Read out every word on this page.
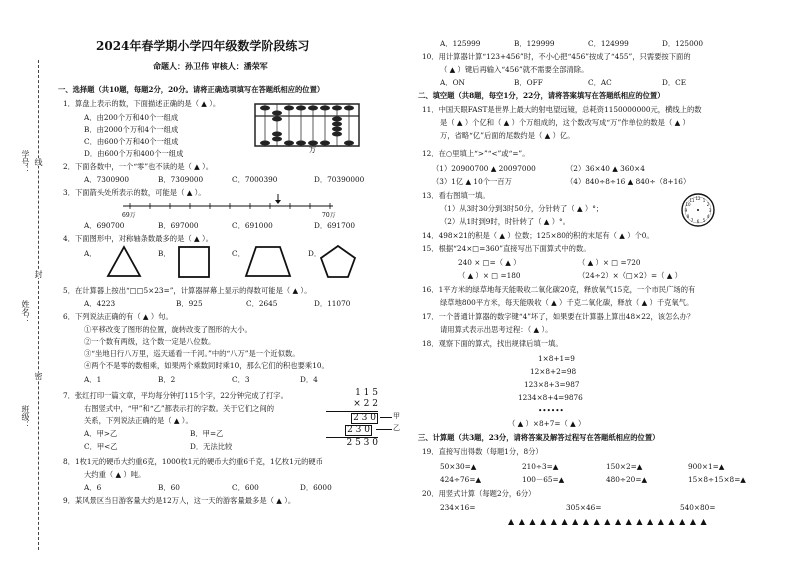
学号：
姓名：
班级：
密
封
线
2024年春学期小学四年级数学阶段练习
命题人：孙卫伟 审核人：潘荣军
一、选择题（共10题，每题2分，20分。请将正确选项填写在答题纸相应的位置）
1．算盘上表示的数，下面描述正确的是（ ▲ ）。
A．由200个万和40个一组成
B．由2000个万和4个一组成
C．由600个万和40个一组成
D．由600个万和400个一组成	万
2．下面各数中，一个“零”也不读的是（ ▲ ）。
A．7300900	B．7309000	C．7000390	D．70390000
3．下面箭头处所表示的数，可能是（ ▲ ）。
69万	70万
A．690700	B．697000	C．691000	D．691700
4．下面图形中，对称轴条数最多的是（ ▲ ）。
A．	B．	C．	D．
5．在计算器上按出“□□5×23=”，计算器屏幕上显示的得数可能是（ ▲ ）。
A．4223	B．925	C．2645	D．11070
6．下列说法正确的有（ ▲ ）句。
①平移改变了图形的位置，旋转改变了图形的大小。
②一个数有两级，这个数一定是八位数。
③“坐地日行八万里，巡天遥看一千河。”中的“八万”是一个近似数。
④两个不是零的数相乘，如果两个乘数同时乘10，那么它们的积也要乘10。
A．1	B．2	C．3	D．4
7．张红打印一篇文章，平均每分钟打115个字，22分钟完成了打字。
右图竖式中，“甲”和“乙”都表示打的字数。关于它们之间的
关系，下列说法正确的是（ ▲ ）。
A．甲>乙	B．甲=乙
C．甲<乙	D．无法比较
1 1 5
× 2 2
2 3 0
2 3 0
2 5 3 0
甲
乙
8．1枚1元的硬币大约重6克，1000枚1元的硬币大约重6千克，1亿枚1元的硬币
大约重（ ▲ ）吨。
A．6	B．60	C．600	D．6000
9．某风景区当日游客量大约是12万人，这一天的游客量最多是（ ▲ ）。
A．125999	B．129999	C．124999	D．125000
10．用计算器计算“123+456”时，不小心把“456”按成了“455”，只需要按下面的
（ ▲ ）键后再输入“456”就不需要全部清除。
A．ON	B．OFF	C．AC	D．CE
二、填空题（共8题，每空1分，22分，请将答案填写在答题纸相应的位置）
11．中国天眼FAST是世界上最大的射电望远镜，总耗资1150000000元，横线上的数
是（ ▲ ）个亿和（ ▲ ）个万组成的，这个数改写成“万”作单位的数是（ ▲ ）
万，省略“亿”后面的尾数约是（ ▲ ）亿。
12．在○里填上“>”“<”或“=”。
（1）20900700 ▲ 20097000	（2）36×40 ▲ 360×4
（3）1亿 ▲ 10个一百万	（4）840÷8÷16 ▲ 840÷（8+16）
13．看右图填一填。
（1）从3时30分到3时50分，分针转了（ ▲ ）°；
（2）从1时到9时，时针转了（ ▲ ）°。
12 1
2
3
4
5
6
7
8
9
10
11
14．498×21的积是（ ▲ ）位数；125×80的积的末尾有（ ▲ ）个0。
15．根据“24×□=360”直接写出下面算式中的数。
240 × □=（ ▲ ）	（ ▲ ）× □ =720
（ ▲ ）× □ =180	（24÷2）×（□×2）=（ ▲ ）
16．1平方米的绿草地每天能吸收二氧化碳20克，释放氧气15克，一个市民广场的有
绿草地800平方米，每天能吸收（ ▲ ）千克二氧化碳，释放（ ▲ ）千克氧气。
17．一个普通计算器的数字键“4”坏了，如果要在计算器上算出48×22，该怎么办？
请用算式表示出思考过程：（ ▲ ）。
18．观察下面的算式，找出规律后填一填。
1×8+1=9
12×8+2=98
123×8+3=987
1234×8+4=9876
••••••
（ ▲ ）×8+7=（ ▲ ）
三、计算题（共3题，23分，请将答案及解答过程写在答题纸相应的位置）
19．直接写出得数（每题1分，8分）
50×30=▲	210÷3=▲	150×2=▲	900×1=▲
424÷76=▲	100－65=▲	480÷20=▲	15×8÷15×8=▲
20．用竖式计算（每题2分，6分）
234×16=	305×46=	540×80=
▲ ▲ ▲ ▲ ▲ ▲ ▲ ▲ ▲ ▲ ▲ ▲ ▲ ▲ ▲ ▲ ▲ ▲ ▲
